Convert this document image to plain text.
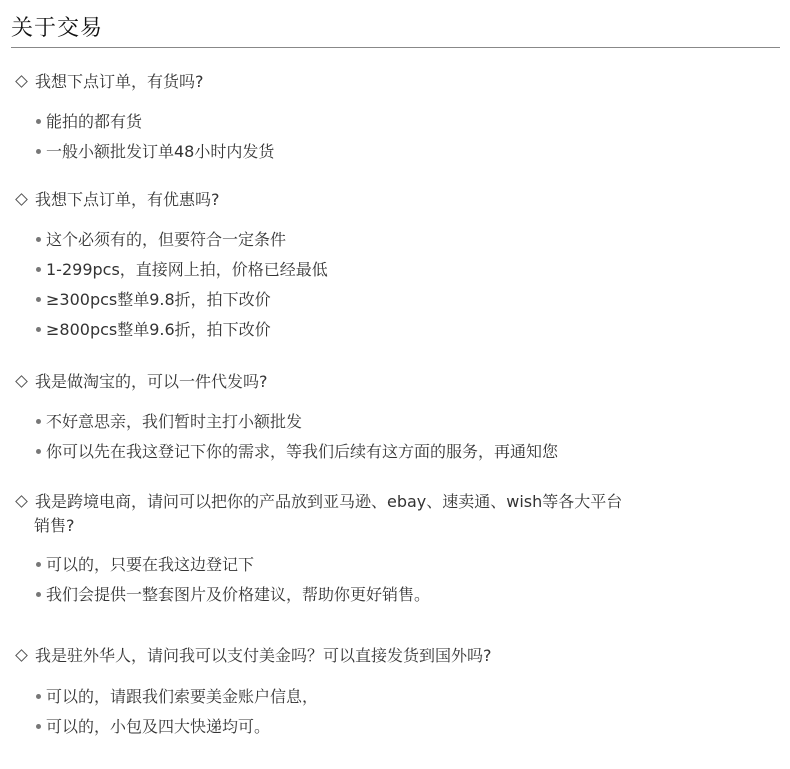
关于交易
我想下点订单，有货吗?
能拍的都有货
一般小额批发订单48小时内发货
我想下点订单，有优惠吗?
这个必须有的，但要符合一定条件
1-299pcs，直接网上拍，价格已经最低
≥300pcs整单9.8折，拍下改价
≥800pcs整单9.6折，拍下改价
我是做淘宝的，可以一件代发吗?
不好意思亲，我们暂时主打小额批发
你可以先在我这登记下你的需求，等我们后续有这方面的服务，再通知您
我是跨境电商，请问可以把你的产品放到亚马逊、ebay、速卖通、wish等各大平台
销售?
可以的，只要在我这边登记下
我们会提供一整套图片及价格建议，帮助你更好销售。
我是驻外华人，请问我可以支付美金吗？可以直接发货到国外吗?
可以的，请跟我们索要美金账户信息，
可以的，小包及四大快递均可。
